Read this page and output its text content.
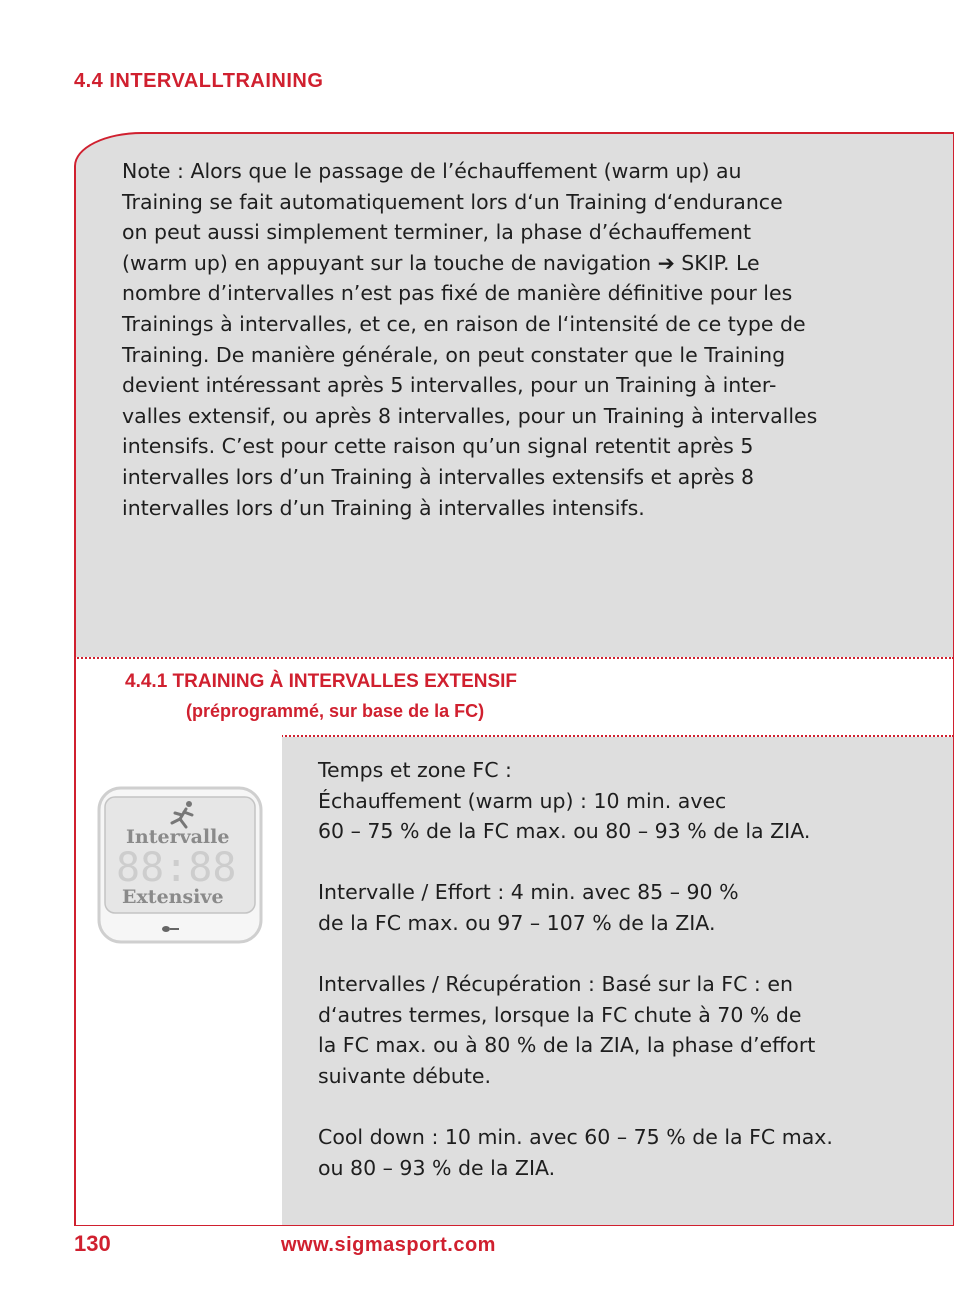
4.4 INTERVALLTRAINING

Note : Alors que le passage de l’échauffement (warm up) au
Training se fait automatiquement lors d‘un Training d‘endurance
on peut aussi simplement terminer, la phase d’échauffement
(warm up) en appuyant sur la touche de navigation ➔ SKIP. Le
nombre d’intervalles n’est pas fixé de manière définitive pour les
Trainings à intervalles, et ce, en raison de l‘intensité de ce type de
Training. De manière générale, on peut constater que le Training
devient intéressant après 5 intervalles, pour un Training à inter-
valles extensif, ou après 8 intervalles, pour un Training à intervalles
intensifs. C’est pour cette raison qu’un signal retentit après 5
intervalles lors d’un Training à intervalles extensifs et après 8
intervalles lors d’un Training à intervalles intensifs.

4.4.1 TRAINING À INTERVALLES EXTENSIF
(préprogrammé, sur base de la FC)
Intervalle
88:88
Extensive

Temps et zone FC :
Échauffement (warm up) : 10 min. avec
60 – 75 % de la FC max. ou 80 – 93 % de la ZIA.

Intervalle / Effort : 4 min. avec 85 – 90 %
de la FC max. ou 97 – 107 % de la ZIA.

Intervalles / Récupération : Basé sur la FC : en
d‘autres termes, lorsque la FC chute à 70 % de
la FC max. ou à 80 % de la ZIA, la phase d’effort
suivante débute.

Cool down : 10 min. avec 60 – 75 % de la FC max.
ou 80 – 93 % de la ZIA.

130	www.sigmasport.com
